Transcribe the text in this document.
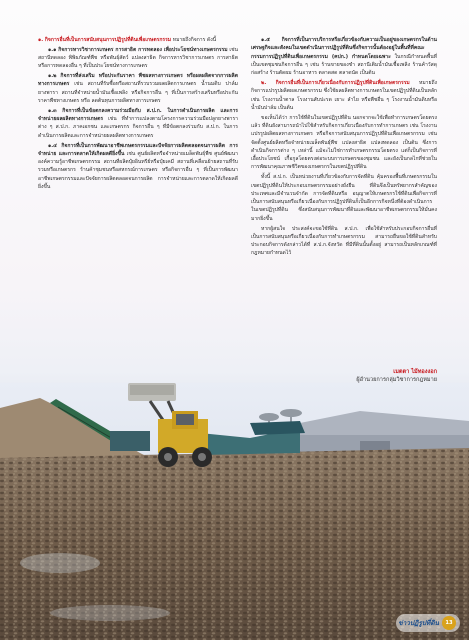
๑. กิจการอื่นที่เป็นการสนับสนุนการปฏิรูปที่ดินเพื่อเกษตรกรรม หมายถึงกิจการ ดังนี้

๑.๑ กิจการหารวิชาการเกษตร การสาธิต การทดลอง เพื่อประโยชน์ทางเกษตรกรรม เช่น สถานีทดลอง พิพิธภัณฑ์พืช หรือพันธุ์สัตว์ แปลงสาธิต กิจการหารวิชาการเกษตร การสาธิตหรือการทดลองอื่น ๆ ที่เป็นประโยชน์ทางการเกษตร

๑.๒ กิจการที่ส่งเสริม หรือประกันราคา พืชผลทางการเกษตร หรือผลผลิตจากการผลิตทางการเกษตร เช่น สถานที่รับซื้อหรือสถานที่รวบรวมผลผลิตการเกษตร น้ำนมดิบ ปาล์ม ยางพารา สถานที่จำหน่ายน้ำมันเชื้อเพลิง หรือกิจการอื่น ๆ ที่เป็นการสร้างเสริมหรือประกันราคาพืชทางเกษตร หรือ ลดต้นทุนการผลิตทางการเกษตร

๑.๓ กิจการที่เป็นข้อตกลงความร่วมมือกับ ส.ป.ก. ในการดำเนินการผลิต และการจำหน่ายผลผลิตทางการเกษตร เช่น ที่ทำการแปลงตามโครงการความร่วมมือปลูกยางพาราต่าง ๆ ส.ป.ก. ภาคเอกชน และเกษตรกร กิจการอื่น ๆ ที่มีข้อตกลงร่วมกับ ส.ป.ก. ในการดำเนินการผลิตและการจำหน่ายผลผลิตทางการเกษตร

๑.๔ กิจการที่เป็นการพัฒนาอาชีพเกษตรกรรมและปัจจัยการผลิตตลอดจนการผลิต การจำหน่าย และการตลาดให้เกิดผลดียิ่งขึ้น เช่น ศูนย์ผลิตหรือจำหน่ายเมล็ดพันธุ์พืช ศูนย์พัฒนาองค์ความรู้อาชีพเกษตรกรรม สถานที่ผลิตปุ๋ยอินทรีย์หรือปุ๋ยเคมี สถานที่เคลื่อนย้ายสถานที่รับรวมหรือเกษตรกร ร้านค้าชุมชนหรือสหกรณ์การเกษตร หรือกิจการอื่น ๆ ที่เป็นการพัฒนาอาชีพเกษตรกรรมและปัจจัยการผลิตตลอดจนการผลิต การจำหน่ายและการตลาดให้เกิดผลดียิ่งขึ้น

๑.๕ กิจการที่เป็นการบริการหรือเกี่ยวข้องกับความเป็นอยู่ของเกษตรกรในด้านเศรษฐกิจและสังคมในเขตดำเนินการปฏิรูปที่ดินซึ่งกิจการนั้นต้องอยู่ในพื้นที่ที่คณะกรรมการปฏิรูปที่ดินเพื่อเกษตรกรรม (คปก.) กำหนดโดยเฉพาะ ในกรณีกำหนดพื้นที่เป็นเขตชุมชนกิจการอื่น ๆ เช่น ร้านขายของชำ สถานีเติมน้ำมันเชื้อเพลิง ร้านค้าวัสดุก่อสร้าง ร้านตัดผม ร้านอาหาร ตลาดสด ตลาดนัด เป็นต้น

๒. กิจการอื่นที่เป็นการเกี่ยวเนื่องกับการปฏิรูปที่ดินเพื่อเกษตรกรรม หมายถึง กิจการแปรรูปผลิตผลเกษตรกรรม ซึ่งใช้ผลผลิตทางการเกษตรในเขตปฏิรูปที่ดินเป็นหลัก เช่น โรงงานน้ำตาล โรงงานสับปะรด เยาะ ลำไย หรือพืชอื่น ๆ โรงงานน้ำมันดิบหรือน้ำมันปาล์ม เป็นต้น

ขอเห็นได้ว่า การใช้ที่ดินในเขตปฏิรูปที่ดิน นอกจากจะใช้เพื่อทำการเกษตรโดยตรงแล้ว ที่ดินยังสามารถนำไปใช้สำหรับกิจการเกี่ยวเนื่องกับการทำการเกษตร เช่น โรงงานแปรรูปผลิตผลทางการเกษตร หรือกิจการสนับสนุนการปฏิรูปที่ดินเพื่อเกษตรกรรม เช่น จัดตั้งศูนย์ผลิตหรือจำหน่ายเมล็ดพันธุ์พืช แปลงสาธิต แปลงทดลอง เป็นต้น ซึ่งการดำเนินกิจการต่าง ๆ เหล่านี้ แม้จะไม่ใช่การทำเกษตรกรรมโดยตรง แต่ก็เป็นกิจการที่เอื้อประโยชน์ เกื้อกูลโดยตรงต่อระบบการเกษตรของชุมชน และยังเป็นกลไกที่ช่วยในการพัฒนาคุณภาพชีวิตของเกษตรกรในเขตปฏิรูปที่ดิน

ทั้งนี้ ส.ป.ก. เป็นหน่วยงานที่เกี่ยวข้องกับการจัดที่ดิน คุ้มครองพื้นที่เกษตรกรรมในเขตปฏิรูปที่ดินให้ประกอบเกษตรกรรมอย่างยั่งยืน ที่ดินจึงเป็นทรัพยากรสำคัญของประเทศและมีจำนวนจำกัด การจัดที่ดินหรือ อนุญาตให้เกษตรกรใช้ที่ดินเพื่อกิจการที่เป็นการสนับสนุนหรือเกี่ยวเนื่องกับการปฏิรูปที่ดินก็เป็นอีกการกิจหนึ่งที่ต้องดำเนินการในเขตปฏิรูปที่ดิน ซึ่งสนับสนุนการพัฒนาที่ดินและพัฒนาอาชีพเกษตรกรรมให้มั่นคงมากยิ่งขึ้น

หากผู้สนใจ ประสงค์จะขอใช้ที่ดิน ส.ป.ก. เพื่อใช้สำหรับประกอบกิจการอื่นที่เป็นการสนับสนุนหรือเกี่ยวเนื่องกับการทำเกษตรกรรม สามารถยื่นขอใช้ที่ดินสำหรับประกอบกิจการดังกล่าวได้ที่ ส.ป.ก.จังหวัด ที่มีที่ดินนั้นตั้งอยู่ สามารถเป็นหลักเกณฑ์ที่กฎหมายกำหนดไว้

เมตตา ไม้ทองงอก
ผู้อำนวยการกลุ่มวิชาการกฎหมาย
ข่าวปฏิรูปที่ดิน	13
